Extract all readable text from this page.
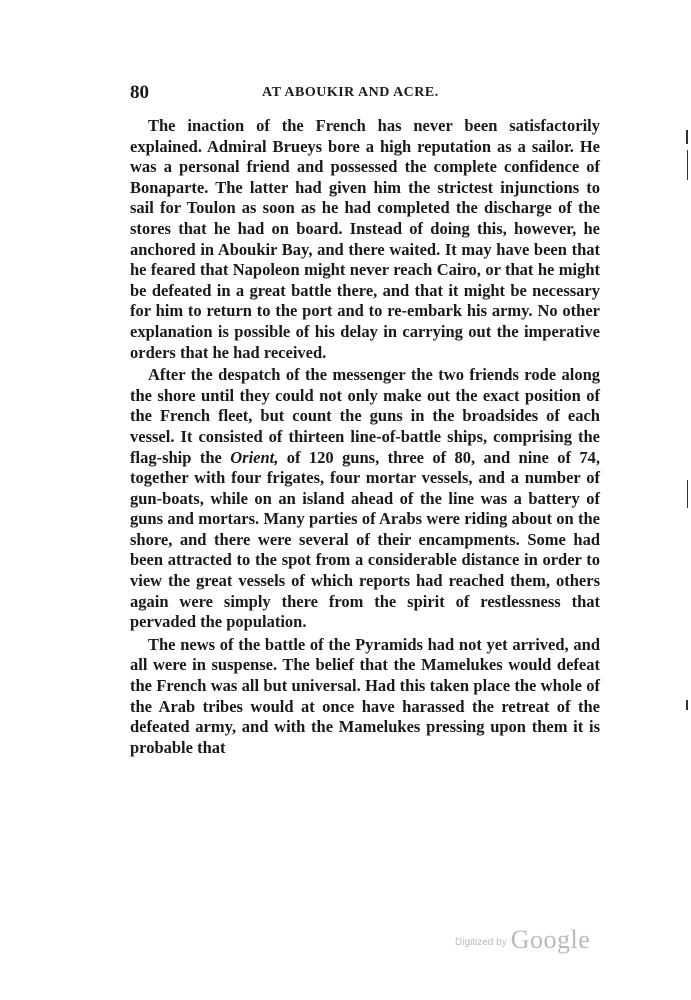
80	AT ABOUKIR AND ACRE.

The inaction of the French has never been satisfactorily explained. Admiral Brueys bore a high reputation as a sailor. He was a personal friend and possessed the complete confidence of Bonaparte. The latter had given him the strictest injunctions to sail for Toulon as soon as he had completed the discharge of the stores that he had on board. Instead of doing this, however, he anchored in Aboukir Bay, and there waited. It may have been that he feared that Napoleon might never reach Cairo, or that he might be defeated in a great battle there, and that it might be necessary for him to return to the port and to re-embark his army. No other explanation is possible of his delay in carrying out the imperative orders that he had received.

After the despatch of the messenger the two friends rode along the shore until they could not only make out the exact position of the French fleet, but count the guns in the broadsides of each vessel. It consisted of thirteen line-of-battle ships, comprising the flag-ship the Orient, of 120 guns, three of 80, and nine of 74, together with four frigates, four mortar vessels, and a number of gun-boats, while on an island ahead of the line was a battery of guns and mortars. Many parties of Arabs were riding about on the shore, and there were several of their encampments. Some had been attracted to the spot from a considerable distance in order to view the great vessels of which reports had reached them, others again were simply there from the spirit of restlessness that pervaded the population.

The news of the battle of the Pyramids had not yet arrived, and all were in suspense. The belief that the Mamelukes would defeat the French was all but universal. Had this taken place the whole of the Arab tribes would at once have harassed the retreat of the defeated army, and with the Mamelukes pressing upon them it is probable that

Digitized by Google
